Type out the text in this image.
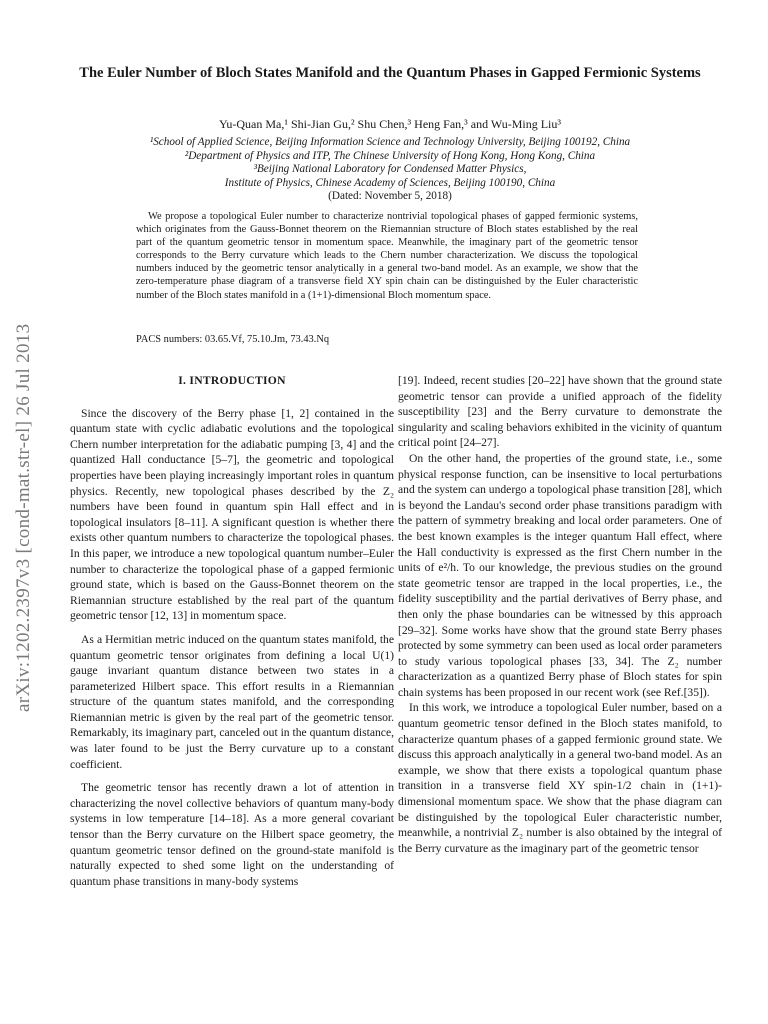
arXiv:1202.2397v3 [cond-mat.str-el] 26 Jul 2013
The Euler Number of Bloch States Manifold and the Quantum Phases in Gapped Fermionic Systems
Yu-Quan Ma,¹ Shi-Jian Gu,² Shu Chen,³ Heng Fan,³ and Wu-Ming Liu³
¹School of Applied Science, Beijing Information Science and Technology University, Beijing 100192, China
²Department of Physics and ITP, The Chinese University of Hong Kong, Hong Kong, China
³Beijing National Laboratory for Condensed Matter Physics,
Institute of Physics, Chinese Academy of Sciences, Beijing 100190, China
(Dated: November 5, 2018)
We propose a topological Euler number to characterize nontrivial topological phases of gapped fermionic systems, which originates from the Gauss-Bonnet theorem on the Riemannian structure of Bloch states established by the real part of the quantum geometric tensor in momentum space. Meanwhile, the imaginary part of the geometric tensor corresponds to the Berry curvature which leads to the Chern number characterization. We discuss the topological numbers induced by the geometric tensor analytically in a general two-band model. As an example, we show that the zero-temperature phase diagram of a transverse field XY spin chain can be distinguished by the Euler characteristic number of the Bloch states manifold in a (1+1)-dimensional Bloch momentum space.
PACS numbers: 03.65.Vf, 75.10.Jm, 73.43.Nq
I. INTRODUCTION

Since the discovery of the Berry phase [1, 2] contained in the quantum state with cyclic adiabatic evolutions and the topological Chern number interpretation for the adiabatic pumping [3, 4] and the quantized Hall conductance [5–7], the geometric and topological properties have been playing increasingly important roles in quantum physics. Recently, new topological phases described by the Z₂ numbers have been found in quantum spin Hall effect and in topological insulators [8–11]. A significant question is whether there exists other quantum numbers to characterize the topological phases. In this paper, we introduce a new topological quantum number–Euler number to characterize the topological phase of a gapped fermionic ground state, which is based on the Gauss-Bonnet theorem on the Riemannian structure established by the real part of the quantum geometric tensor [12, 13] in momentum space.

As a Hermitian metric induced on the quantum states manifold, the quantum geometric tensor originates from defining a local U(1) gauge invariant quantum distance between two states in a parameterized Hilbert space. This effort results in a Riemannian structure of the quantum states manifold, and the corresponding Riemannian metric is given by the real part of the geometric tensor. Remarkably, its imaginary part, canceled out in the quantum distance, was later found to be just the Berry curvature up to a constant coefficient.

The geometric tensor has recently drawn a lot of attention in characterizing the novel collective behaviors of quantum many-body systems in low temperature [14–18]. As a more general covariant tensor than the Berry curvature on the Hilbert space geometry, the quantum geometric tensor defined on the ground-state manifold is naturally expected to shed some light on the understanding of quantum phase transitions in many-body systems

[19]. Indeed, recent studies [20–22] have shown that the ground state geometric tensor can provide a unified approach of the fidelity susceptibility [23] and the Berry curvature to demonstrate the singularity and scaling behaviors exhibited in the vicinity of quantum critical point [24–27].

On the other hand, the properties of the ground state, i.e., some physical response function, can be insensitive to local perturbations and the system can undergo a topological phase transition [28], which is beyond the Landau's second order phase transitions paradigm with the pattern of symmetry breaking and local order parameters. One of the best known examples is the integer quantum Hall effect, where the Hall conductivity is expressed as the first Chern number in the units of e²/h. To our knowledge, the previous studies on the ground state geometric tensor are trapped in the local properties, i.e., the fidelity susceptibility and the partial derivatives of Berry phase, and then only the phase boundaries can be witnessed by this approach [29–32]. Some works have show that the ground state Berry phases protected by some symmetry can been used as local order parameters to study various topological phases [33, 34]. The Z₂ number characterization as a quantized Berry phase of Bloch states for spin chain systems has been proposed in our recent work (see Ref.[35]).

In this work, we introduce a topological Euler number, based on a quantum geometric tensor defined in the Bloch states manifold, to characterize quantum phases of a gapped fermionic ground state. We discuss this approach analytically in a general two-band model. As an example, we show that there exists a topological quantum phase transition in a transverse field XY spin-1/2 chain in (1+1)-dimensional momentum space. We show that the phase diagram can be distinguished by the topological Euler characteristic number, meanwhile, a nontrivial Z₂ number is also obtained by the integral of the Berry curvature as the imaginary part of the geometric tensor
